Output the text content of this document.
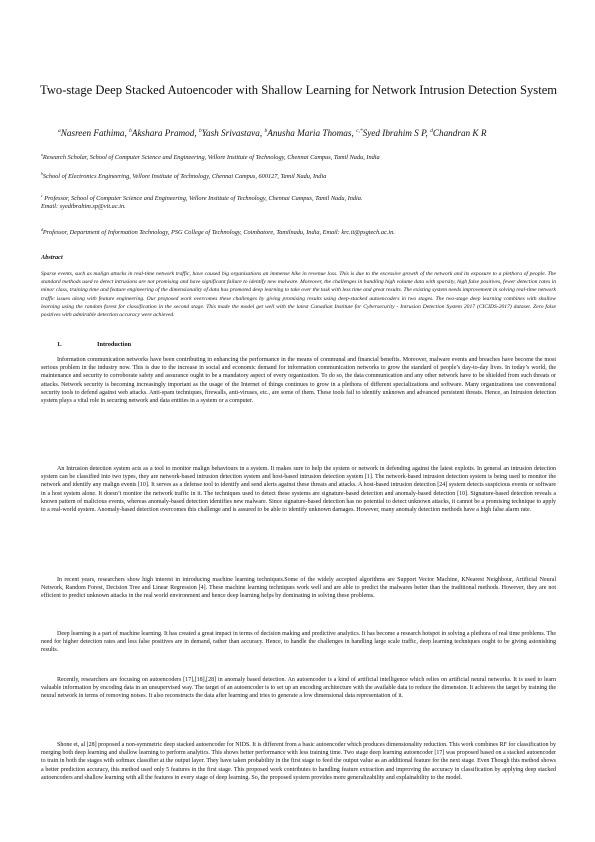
Two-stage Deep Stacked Autoencoder with Shallow Learning for Network Intrusion Detection System
$^a$Nasreen Fathima, $^b$Akshara Pramod, $^b$Yash Srivastava, $^b$Anusha Maria Thomas, $^{c,*}$Syed Ibrahim S P, $^d$Chandran K R
$^a$Research Scholar, School of Computer Science and Engineering, Vellore Institute of Technology, Chennai Campus, Tamil Nadu, India
$^b$School of Electronics Engineering, Vellore Institute of Technology, Chennai Campus, 600127, Tamil Nadu, India
$^c$ Professor, School of Computer Science and Engineering, Vellore Institute of Technology, Chennai Campus, Tamil Nadu, India.
Email: syedibrahim.sp@vit.ac.in.
$^d$Professor, Department of Information Technology, PSG College of Technology, Coimbatore, Tamilnadu, India, Email: krc.it@psgtech.ac.in.
Abstract

Sparse events, such as malign attacks in real-time network traffic, have caused big organisations an immense hike in revenue loss. This is due to the excessive growth of the network and its exposure to a plethora of people. The standard methods used to detect intrusions are not promising and have significant failure to identify new malware. Moreover, the challenges in handling high volume data with sparsity, high false positives, fewer detection rates in minor class, training time and feature engineering of the dimensionality of data has promoted deep learning to take over the task with less time and great results. The existing system needs improvement in solving real-time network traffic issues along with feature engineering. Our proposed work overcomes these challenges by giving promising results using deep-stacked autoencoders in two stages. The two-stage deep learning combines with shallow learning using the random forest for classification in the second stage. This made the model get well with the latest Canadian Institute for Cybersecurity - Intrusion Detection System 2017 (CICIDS-2017) dataset. Zero false positives with admirable detection accuracy were achieved.

1.	Introduction

Information communication networks have been contributing in enhancing the performance in the means of communal and financial benefits. Moreover, malware events and breaches have become the most serious problem in the industry now. This is due to the increase in social and economic demand for information communication networks to grow the standard of people’s day-to-day lives. In today’s world, the maintenance and security to corroborate safety and assurance ought to be a mandatory aspect of every organization. To do so, the data communication and any other network have to be shielded from such threats or attacks. Network security is becoming increasingly important as the usage of the Internet of things continues to grow in a plethora of different specializations and software. Many organizations use conventional security tools to defend against web attacks. Anti-spam techniques, firewalls, anti-viruses, etc., are some of them. These tools fail to identify unknown and advanced persistent threats. Hence, an Intrusion detection system plays a vital role in securing network and data entities in a system or a computer.

An Intrusion detection system acts as a tool to monitor malign behaviours in a system. It makes sure to help the system or network in defending against the latest exploits. In general an intrusion detection system can be classified into two types, they are network-based intrusion detection system and host-based intrusion detection system [1]. The network-based intrusion detection system is being used to monitor the network and identify any malign events [10]. It serves as a defense tool to identify and send alerts against these threats and attacks. A host-based intrusion detection [24] system detects suspicious events or software in a host system alone. It doesn’t monitor the network traffic in it. The techniques used to detect these systems are signature-based detection and anomaly-based detection [10]. Signature-based detection reveals a known pattern of malicious events, whereas anomaly-based detection identifies new malware. Since signature-based detection has no potential to detect unknown attacks, it cannot be a promising technique to apply to a real-world system. Anomaly-based detection overcomes this challenge and is assured to be able to identify unknown damages. However, many anomaly detection methods have a high false alarm rate.

In recent years, researchers show high interest in introducing machine learning techniques.Some of the widely accepted algorithms are Support Vector Machine, KNearest Neighbour, Artificial Neural Network, Random Forest, Decision Tree and Linear Regression [4]. These machine learning techniques work well and are able to predict the malwares better than the traditional methods. However, they are not efficient to predict unknown attacks in the real world environment and hence deep learning helps by dominating in solving these problems.

Deep learning is a part of machine learning. It has created a great impact in terms of decision making and predictive analytics. It has become a research hotspot in solving a plethora of real time problems. The need for higher detection rates and less false positives are in demand, rather than accuracy. Hence, to handle the challenges in handling large scale traffic, deep learning techniques ought to be giving astonishing results.

Recently, researchers are focusing on autoencoders [17],[18],[28] in anomaly based detection. An autoencoder is a kind of artificial intelligence which relies on artificial neural networks. It is used to learn valuable information by encoding data in an unsupervised way. The target of an autoencoder is to set up an encoding architecture with the available data to reduce the dimension. It achieves the target by training the neural network in terms of removing noises. It also reconstructs the data after learning and tries to generate a low dimensional data representation of it.

Shone et, al [28] proposed a non-symmetric deep stacked autoencoder for NIDS. It is different from a basic autoencoder which produces dimensionality reduction. This work combines RF for classification by merging both deep learning and shallow learning to perform analytics. This shows better performance with less training time. Two stage deep learning autoencoder [17] was proposed based on a stacked autoencoder to train in both the stages with softmax classifier at the output layer. They have taken probability in the first stage to feed the output value as an additional feature for the next stage. Even Though this method shows a better prediction accuracy, this method used only 5 features in the first stage. This proposed work contributes to handling feature extraction and improving the accuracy in classification by applying deep stacked autoencoders and shallow learning with all the features in every stage of deep learning. So, the proposed system provides more generalizability and explainability to the model.
